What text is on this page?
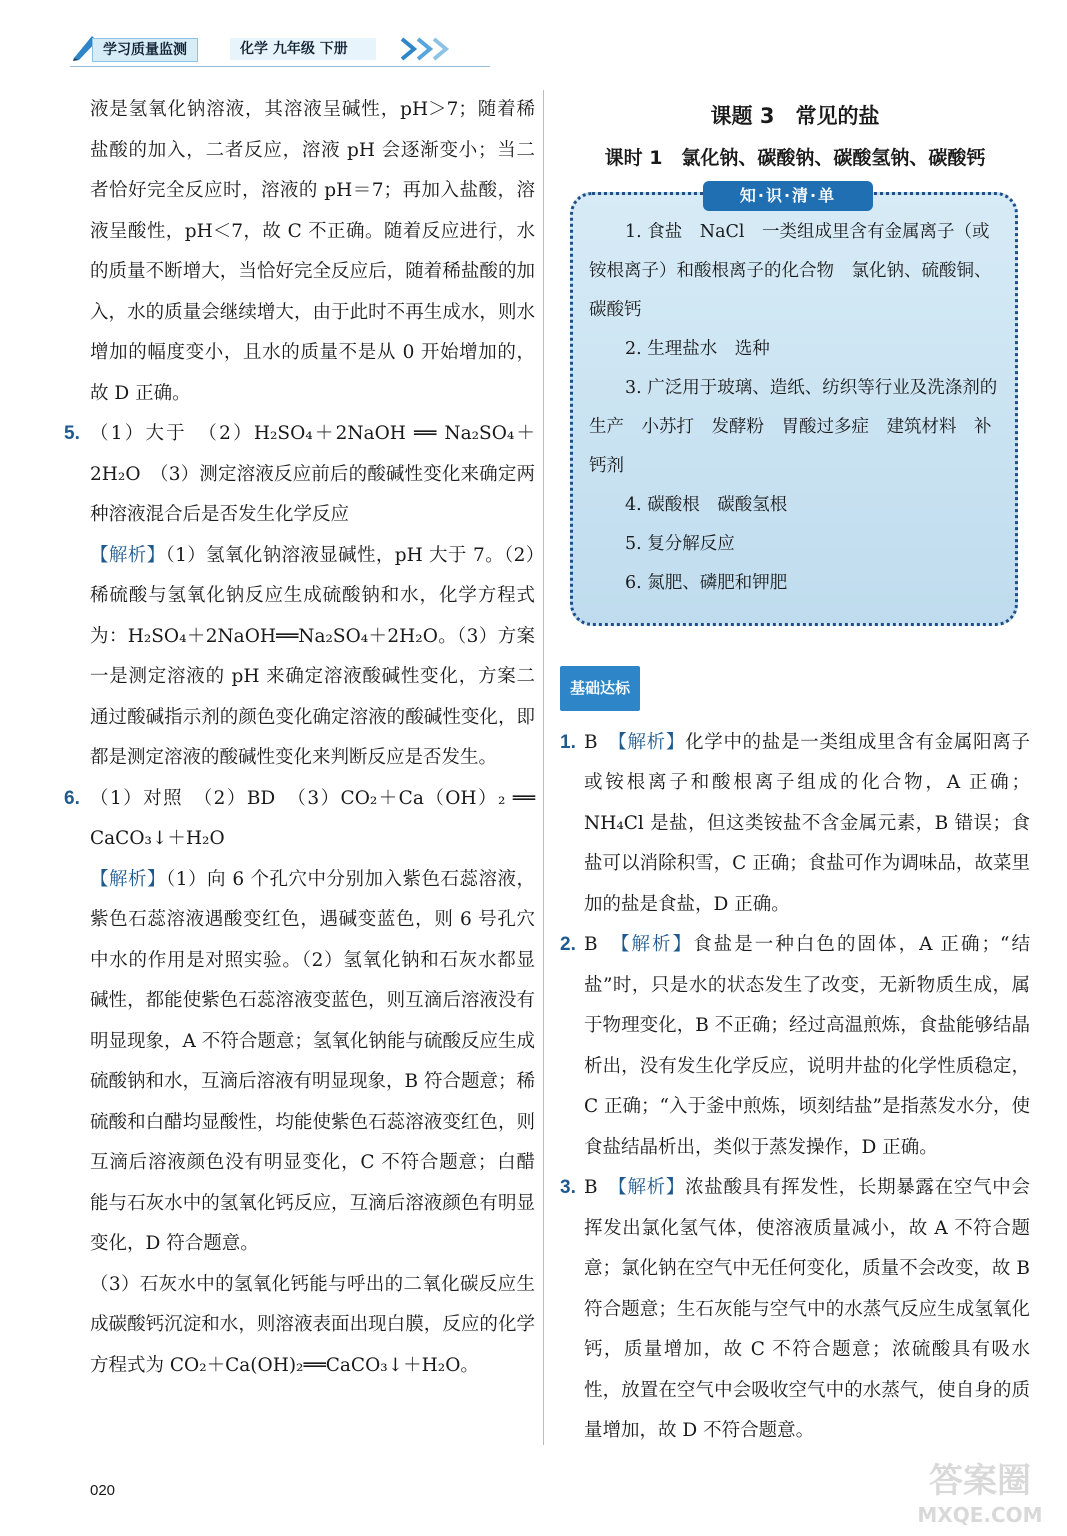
学习质量监测	化学 九年级 下册

液是氢氧化钠溶液，其溶液呈碱性，pH＞7；随着稀盐酸的加入，二者反应，溶液 pH 会逐渐变小；当二者恰好完全反应时，溶液的 pH＝7；再加入盐酸，溶液呈酸性，pH＜7，故 C 不正确。随着反应进行，水的质量不断增大，当恰好完全反应后，随着稀盐酸的加入，水的质量会继续增大，由于此时不再生成水，则水增加的幅度变小，且水的质量不是从 0 开始增加的，故 D 正确。

5. （1）大于　（2）H₂SO₄＋2NaOH ══ Na₂SO₄＋2H₂O　（3）测定溶液反应前后的酸碱性变化来确定两种溶液混合后是否发生化学反应

【解析】（1）氢氧化钠溶液显碱性，pH 大于 7。（2）稀硫酸与氢氧化钠反应生成硫酸钠和水，化学方程式为：H₂SO₄＋2NaOH══Na₂SO₄＋2H₂O。（3）方案一是测定溶液的 pH 来确定溶液酸碱性变化，方案二通过酸碱指示剂的颜色变化确定溶液的酸碱性变化，即都是测定溶液的酸碱性变化来判断反应是否发生。

6. （1）对照　（2）BD　（3）CO₂＋Ca（OH）₂ ══ CaCO₃↓＋H₂O

【解析】（1）向 6 个孔穴中分别加入紫色石蕊溶液，紫色石蕊溶液遇酸变红色，遇碱变蓝色，则 6 号孔穴中水的作用是对照实验。（2）氢氧化钠和石灰水都显碱性，都能使紫色石蕊溶液变蓝色，则互滴后溶液没有明显现象，A 不符合题意；氢氧化钠能与硫酸反应生成硫酸钠和水，互滴后溶液有明显现象，B 符合题意；稀硫酸和白醋均显酸性，均能使紫色石蕊溶液变红色，则互滴后溶液颜色没有明显变化，C 不符合题意；白醋能与石灰水中的氢氧化钙反应，互滴后溶液颜色有明显变化，D 符合题意。

（3）石灰水中的氢氧化钙能与呼出的二氧化碳反应生成碳酸钙沉淀和水，则溶液表面出现白膜，反应的化学方程式为 CO₂＋Ca(OH)₂══CaCO₃↓＋H₂O。

课题 3　常见的盐
课时 1　氯化钠、碳酸钠、碳酸氢钠、碳酸钙
知·识·清·单

1. 食盐　NaCl　一类组成里含有金属离子（或铵根离子）和酸根离子的化合物　氯化钠、硫酸铜、碳酸钙

2. 生理盐水　选种

3. 广泛用于玻璃、造纸、纺织等行业及洗涤剂的生产　小苏打　发酵粉　胃酸过多症　建筑材料　补钙剂

4. 碳酸根　碳酸氢根

5. 复分解反应

6. 氮肥、磷肥和钾肥

基础达标
1. B　 【解析】化学中的盐是一类组成里含有金属阳离子或铵根离子和酸根离子组成的化合物，A 正确；NH₄Cl 是盐，但这类铵盐不含金属元素，B 错误；食盐可以消除积雪，C 正确；食盐可作为调味品，故菜里加的盐是食盐，D 正确。

2. B　 【解析】食盐是一种白色的固体，A 正确；“结盐”时，只是水的状态发生了改变，无新物质生成，属于物理变化，B 不正确；经过高温煎炼，食盐能够结晶析出，没有发生化学反应，说明井盐的化学性质稳定，C 正确；“入于釜中煎炼，顷刻结盐”是指蒸发水分，使食盐结晶析出，类似于蒸发操作，D 正确。

3. B　 【解析】浓盐酸具有挥发性，长期暴露在空气中会挥发出氯化氢气体，使溶液质量减小，故 A 不符合题意；氯化钠在空气中无任何变化，质量不会改变，故 B 符合题意；生石灰能与空气中的水蒸气反应生成氢氧化钙，质量增加，故 C 不符合题意；浓硫酸具有吸水性，放置在空气中会吸收空气中的水蒸气，使自身的质量增加，故 D 不符合题意。

020	答案圈
MXQE.COM
